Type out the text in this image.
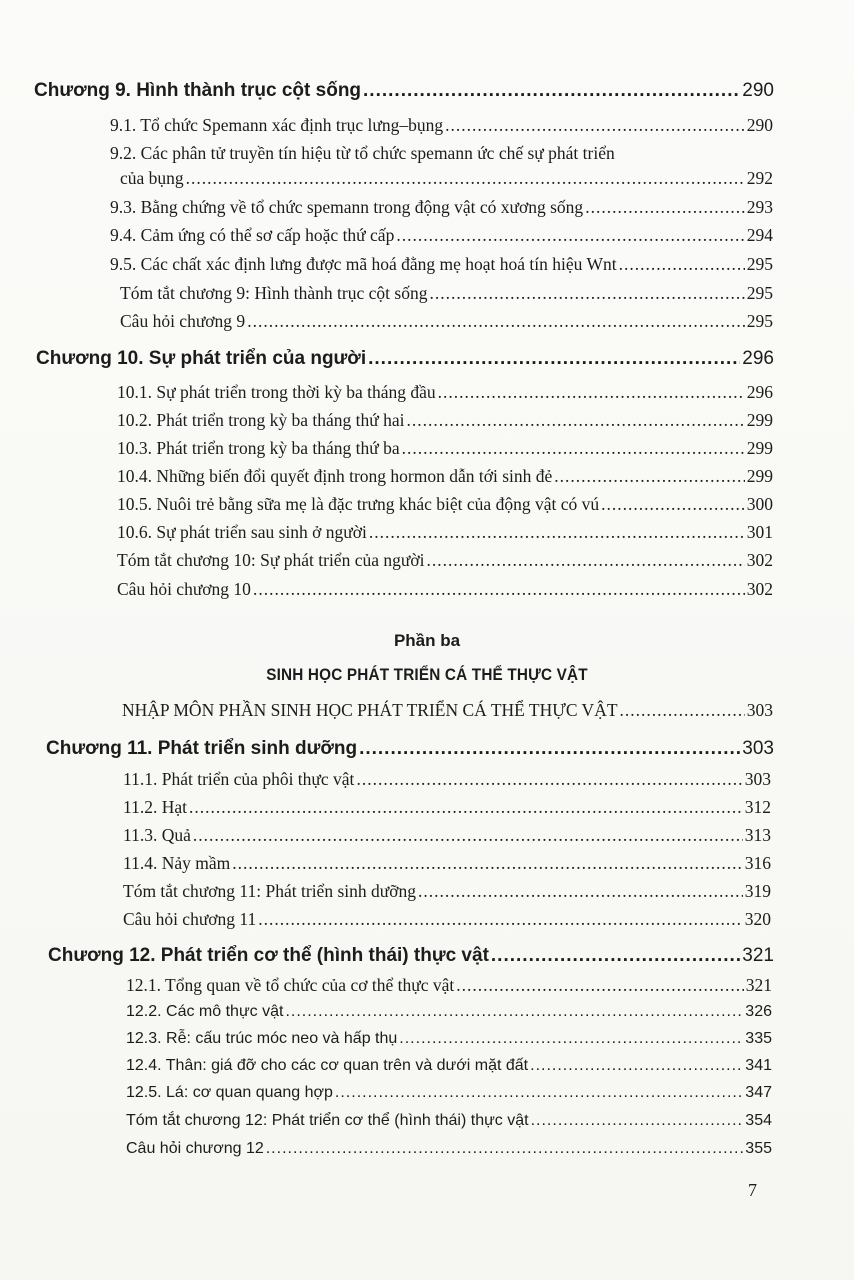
Chương 9. Hình thành trục cột sống .....	290
9.1. Tổ chức Spemann xác định trục lưng–bụng .....	290
9.2. Các phân tử truyền tín hiệu từ tổ chức spemann ức chế sự phát triển
của bụng .....	292
9.3. Bằng chứng về tổ chức spemann trong động vật có xương sống .....	293
9.4. Cảm ứng có thể sơ cấp hoặc thứ cấp .....	294
9.5. Các chất xác định lưng được mã hoá đằng mẹ hoạt hoá tín hiệu Wnt .....	295
Tóm tắt chương 9: Hình thành trục cột sống .....	295
Câu hỏi chương 9 .....	295
Chương 10. Sự phát triển của người .....	296
10.1. Sự phát triển trong thời kỳ ba tháng đầu .....	296
10.2. Phát triển trong kỳ ba tháng thứ hai .....	299
10.3. Phát triển trong kỳ ba tháng thứ ba .....	299
10.4. Những biến đổi quyết định trong hormon dẫn tới sinh đẻ .....	299
10.5. Nuôi trẻ bằng sữa mẹ là đặc trưng khác biệt của động vật có vú .....	300
10.6. Sự phát triển sau sinh ở người .....	301
Tóm tắt chương 10: Sự phát triển của người .....	302
Câu hỏi chương 10 .....	302
Phần ba
SINH HỌC PHÁT TRIỂN CÁ THỂ THỰC VẬT
NHẬP MÔN PHẦN SINH HỌC PHÁT TRIỂN CÁ THỂ THỰC VẬT .....	303
Chương 11. Phát triển sinh dưỡng .....	303
11.1. Phát triển của phôi thực vật .....	303
11.2. Hạt .....	312
11.3. Quả .....	313
11.4. Nảy mầm .....	316
Tóm tắt chương 11: Phát triển sinh dưỡng .....	319
Câu hỏi chương 11 .....	320
Chương 12. Phát triển cơ thể (hình thái) thực vật .....	321
12.1. Tổng quan về tổ chức của cơ thể thực vật .....	321
12.2. Các mô thực vật .....	326
12.3. Rễ: cấu trúc móc neo và hấp thụ .....	335
12.4. Thân: giá đỡ cho các cơ quan trên và dưới mặt đất .....	341
12.5. Lá: cơ quan quang hợp .....	347
Tóm tắt chương 12: Phát triển cơ thể (hình thái) thực vật .....	354
Câu hỏi chương 12 .....	355
7
